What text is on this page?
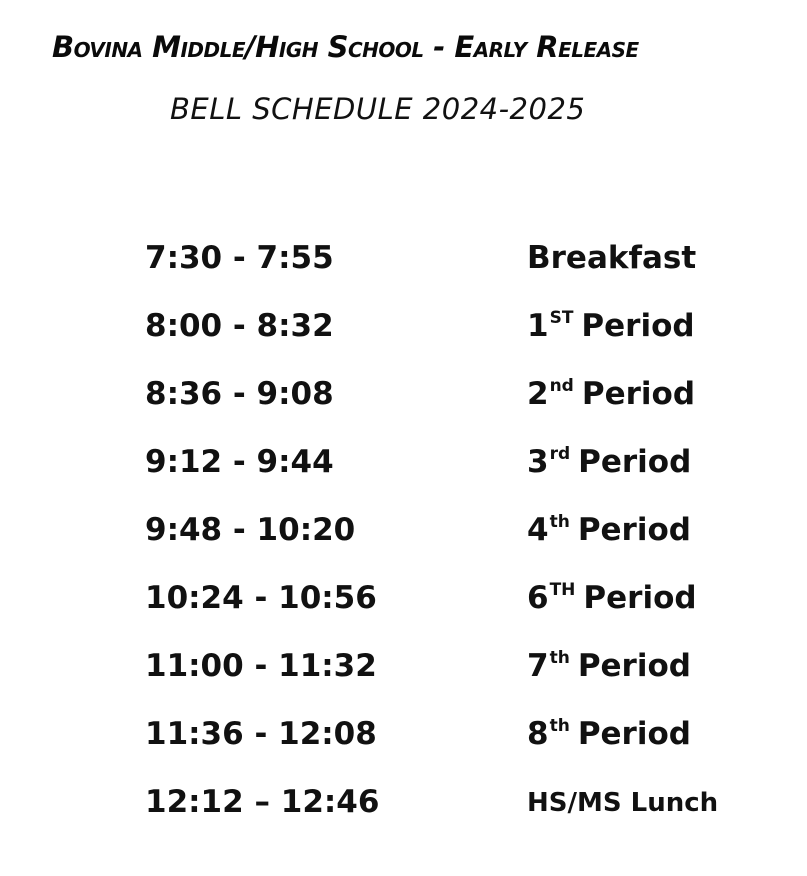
Bovina Middle/High School - Early Release
BELL SCHEDULE 2024-2025
7:30 - 7:55	Breakfast
8:00 - 8:32	1ST Period
8:36 - 9:08	2nd Period
9:12 - 9:44	3rd Period
9:48 - 10:20	4th Period
10:24 - 10:56	6TH Period
11:00 - 11:32	7th Period
11:36 - 12:08	8th Period
12:12 – 12:46	HS/MS Lunch
